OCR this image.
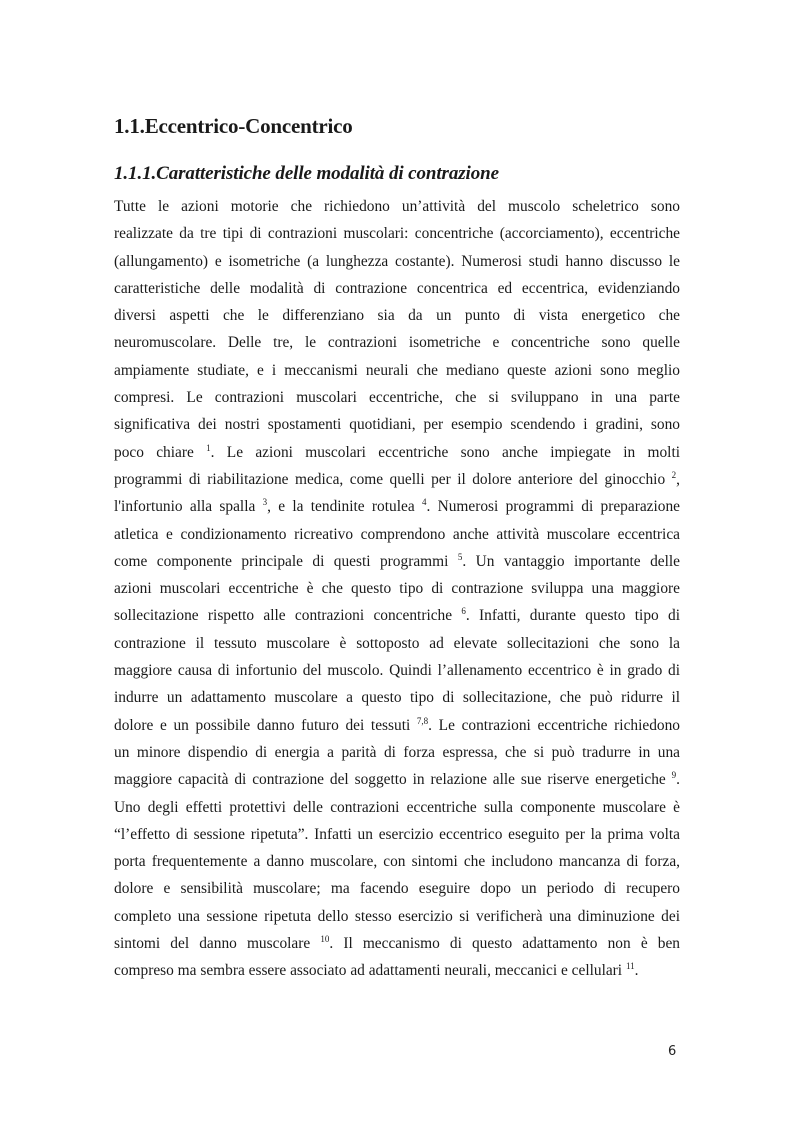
1.1.Eccentrico-Concentrico
1.1.1.Caratteristiche delle modalità di contrazione
Tutte le azioni motorie che richiedono un’attività del muscolo scheletrico sono
realizzate da tre tipi di contrazioni muscolari: concentriche (accorciamento), eccentriche
(allungamento) e isometriche (a lunghezza costante). Numerosi studi hanno discusso le
caratteristiche delle modalità di contrazione concentrica ed eccentrica, evidenziando
diversi aspetti che le differenziano sia da un punto di vista energetico che
neuromuscolare. Delle tre, le contrazioni isometriche e concentriche sono quelle
ampiamente studiate, e i meccanismi neurali che mediano queste azioni sono meglio
compresi. Le contrazioni muscolari eccentriche, che si sviluppano in una parte
significativa dei nostri spostamenti quotidiani, per esempio scendendo i gradini, sono
poco chiare $^1$. Le azioni muscolari eccentriche sono anche impiegate in molti
programmi di riabilitazione medica, come quelli per il dolore anteriore del ginocchio $^2$,
l'infortunio alla spalla $^3$, e la tendinite rotulea $^4$. Numerosi programmi di preparazione
atletica e condizionamento ricreativo comprendono anche attività muscolare eccentrica
come componente principale di questi programmi $^5$. Un vantaggio importante delle
azioni muscolari eccentriche è che questo tipo di contrazione sviluppa una maggiore
sollecitazione rispetto alle contrazioni concentriche $^6$. Infatti, durante questo tipo di
contrazione il tessuto muscolare è sottoposto ad elevate sollecitazioni che sono la
maggiore causa di infortunio del muscolo. Quindi l’allenamento eccentrico è in grado di
indurre un adattamento muscolare a questo tipo di sollecitazione, che può ridurre il
dolore e un possibile danno futuro dei tessuti $^{7,8}$. Le contrazioni eccentriche richiedono
un minore dispendio di energia a parità di forza espressa, che si può tradurre in una
maggiore capacità di contrazione del soggetto in relazione alle sue riserve energetiche $^9$.
Uno degli effetti protettivi delle contrazioni eccentriche sulla componente muscolare è
“l’effetto di sessione ripetuta”. Infatti un esercizio eccentrico eseguito per la prima volta
porta frequentemente a danno muscolare, con sintomi che includono mancanza di forza,
dolore e sensibilità muscolare; ma facendo eseguire dopo un periodo di recupero
completo una sessione ripetuta dello stesso esercizio si verificherà una diminuzione dei
sintomi del danno muscolare $^{10}$. Il meccanismo di questo adattamento non è ben
compreso ma sembra essere associato ad adattamenti neurali, meccanici e cellulari $^{11}$.
6
